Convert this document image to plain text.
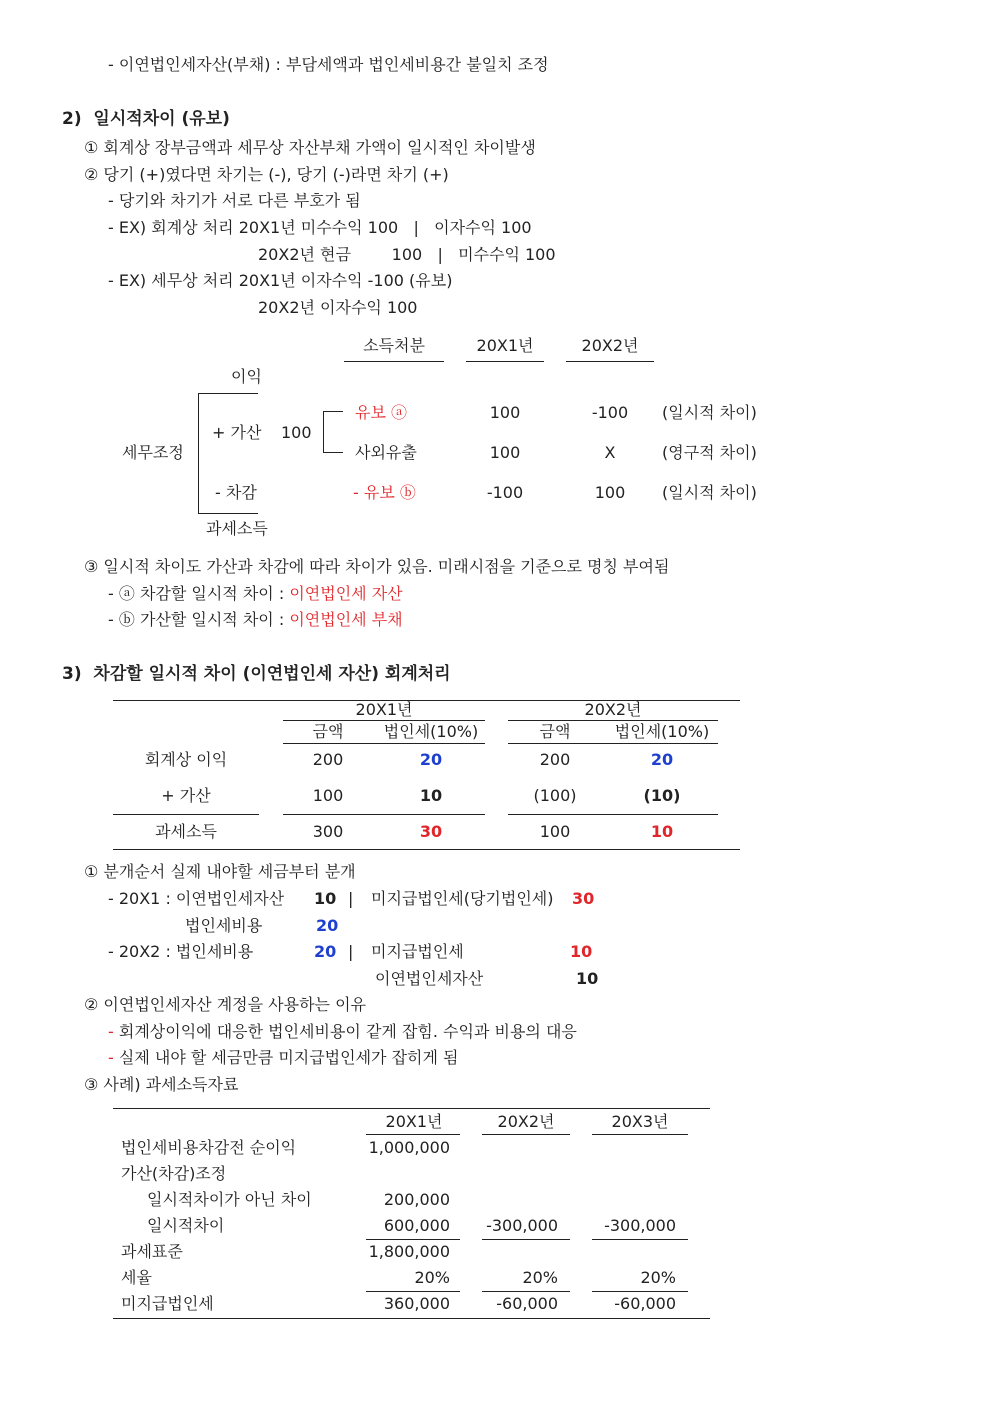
- 이연법인세자산(부채) : 부담세액과 법인세비용간 불일치 조정
2)  일시적차이 (유보)
① 회계상 장부금액과 세무상 자산부채 가액이 일시적인 차이발생
② 당기 (+)였다면 차기는 (-), 당기 (-)라면 차기 (+)
- 당기와 차기가 서로 다른 부호가 됨
- EX) 회계상 처리 20X1년 미수수익 100   |   이자수익 100
20X2년 현금        100   |   미수수익 100
- EX) 세무상 처리 20X1년 이자수익 -100 (유보)
20X2년 이자수익 100
소득처분	20X1년	20X2년
이익
세무조정
+ 가산 100
- 차감
과세소득
유보 ⓐ	100	-100	(일시적 차이)
사외유출	100	X	(영구적 차이)
- 유보 ⓑ	-100	100	(일시적 차이)
③ 일시적 차이도 가산과 차감에 따라 차이가 있음. 미래시점을 기준으로 명칭 부여됨
- ⓐ 차감할 일시적 차이 : 이연법인세 자산
- ⓑ 가산할 일시적 차이 : 이연법인세 부채
3)  차감할 일시적 차이 (이연법인세 자산) 회계처리
20X1년	20X2년
금액	법인세(10%)	금액	법인세(10%)
회계상 이익	200	20	200	20
+ 가산	100	10	(100)	(10)
과세소득	300	30	100	10
① 분개순서 실제 내야할 세금부터 분개
- 20X1 : 이연법인세자산 10 | 미지급법인세(당기법인세) 30
법인세비용	20
- 20X2 : 법인세비용	20 | 미지급법인세	10
이연법인세자산	10
② 이연법인세자산 계정을 사용하는 이유
- 회계상이익에 대응한 법인세비용이 같게 잡힘. 수익과 비용의 대응
- 실제 내야 할 세금만큼 미지급법인세가 잡히게 됨
③ 사례) 과세소득자료
20X1년	20X2년	20X3년
법인세비용차감전 순이익	1,000,000
가산(차감)조정
일시적차이가 아닌 차이	200,000
일시적차이	600,000 -300,000	-300,000
과세표준	1,800,000
세율	20%	20%	20%
미지급법인세	360,000	-60,000	-60,000
